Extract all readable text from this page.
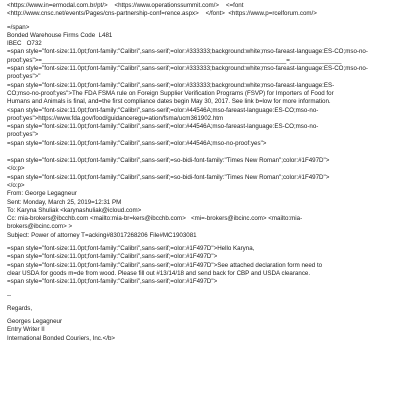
<https://www.in=ermodal.com.br/pt/>    <https://www.operationssummit.com/>    <=font

<http://www.cnsc.net/events/Pages/cns-partnership-conf=rence.aspx>    </font>  <https://www.p=rcelforum.com/>

=/span>

Bonded Warehouse Firms Code  L481

IBEC   O732

=span style="font-size:11.0pt;font-family:"Calibri",sans-serif;=olor:#333333;background:white;mso-fareast-language:ES-CO;mso-no-

proof:yes">=_______________________________________________________________________=_______________

=span style="font-size:11.0pt;font-family:"Calibri",sans-serif;=olor:#333333;background:white;mso-fareast-language:ES-CO;mso-no-

proof:yes">"

=span style="font-size:11.0pt;font-family:"Calibri",sans-serif;=olor:#333333;background:white;mso-fareast-language:ES-

CO;mso-no-proof:yes">The FDA FSMA rule on Foreign Supplier Verification Programs (FSVP) for Importers of Food for

Humans and Animals is final, and=the first compliance dates begin May 30, 2017. See link b=low for more information.

<span style="font-size:11.0pt;font-family:"Calibri",sans-serif;=olor:#44546A;mso-fareast-language:ES-CO;mso-no-

proof:yes">https://www.fda.gov/food/guidanceregu=ation/fsma/ucm361902.htm

=span style="font-size:11.0pt;font-family:"Calibri",sans-serif;=olor:#44546A;mso-fareast-language:ES-CO;mso-no-

proof:yes">

=span style="font-size:11.0pt;font-family:"Calibri",sans-serif;=olor:#44546A;mso-no-proof:yes">

=span style="font-size:11.0pt;font-family:"Calibri",sans-serif;=so-bidi-font-family:"Times New Roman";color:#1F497D">

</o:p>

=span style="font-size:11.0pt;font-family:"Calibri",sans-serif;=so-bidi-font-family:"Times New Roman";color:#1F497D">

</o:p>

From: George Legagneur

Sent: Monday, March 25, 2019=12:31 PM

To: Karyna Shuliak <karynashuliak@icloud.com>

Cc: mia-brokers@ibcchb.com <mailto:mia-br=kers@ibcchb.com>   <mi=-brokers@ibcinc.com> <mailto:mia-

brokers@ibcinc.com> >

Subject: Power of attorney T=acking#83017268206 File#MC1903081

=span style="font-size:11.0pt;font-family:"Calibri",sans-serif;=olor:#1F497D">Hello Karyna,

=span style="font-size:11.0pt;font-family:"Calibri",sans-serif;=olor:#1F497D">

=span style="font-size:11.0pt;font-family:"Calibri",sans-serif;=olor:#1F497D">See attached declaration form need to

clear USDA for goods m=de from wood. Please fill out #13/14/18 and send back for CBP and USDA clearance.

=span style="font-size:11.0pt;font-family:"Calibri",sans-serif;=olor:#1F497D">

--

Regards,

Georges Legagneur

Entry Writer II

International Bonded Couriers, Inc.</b>
